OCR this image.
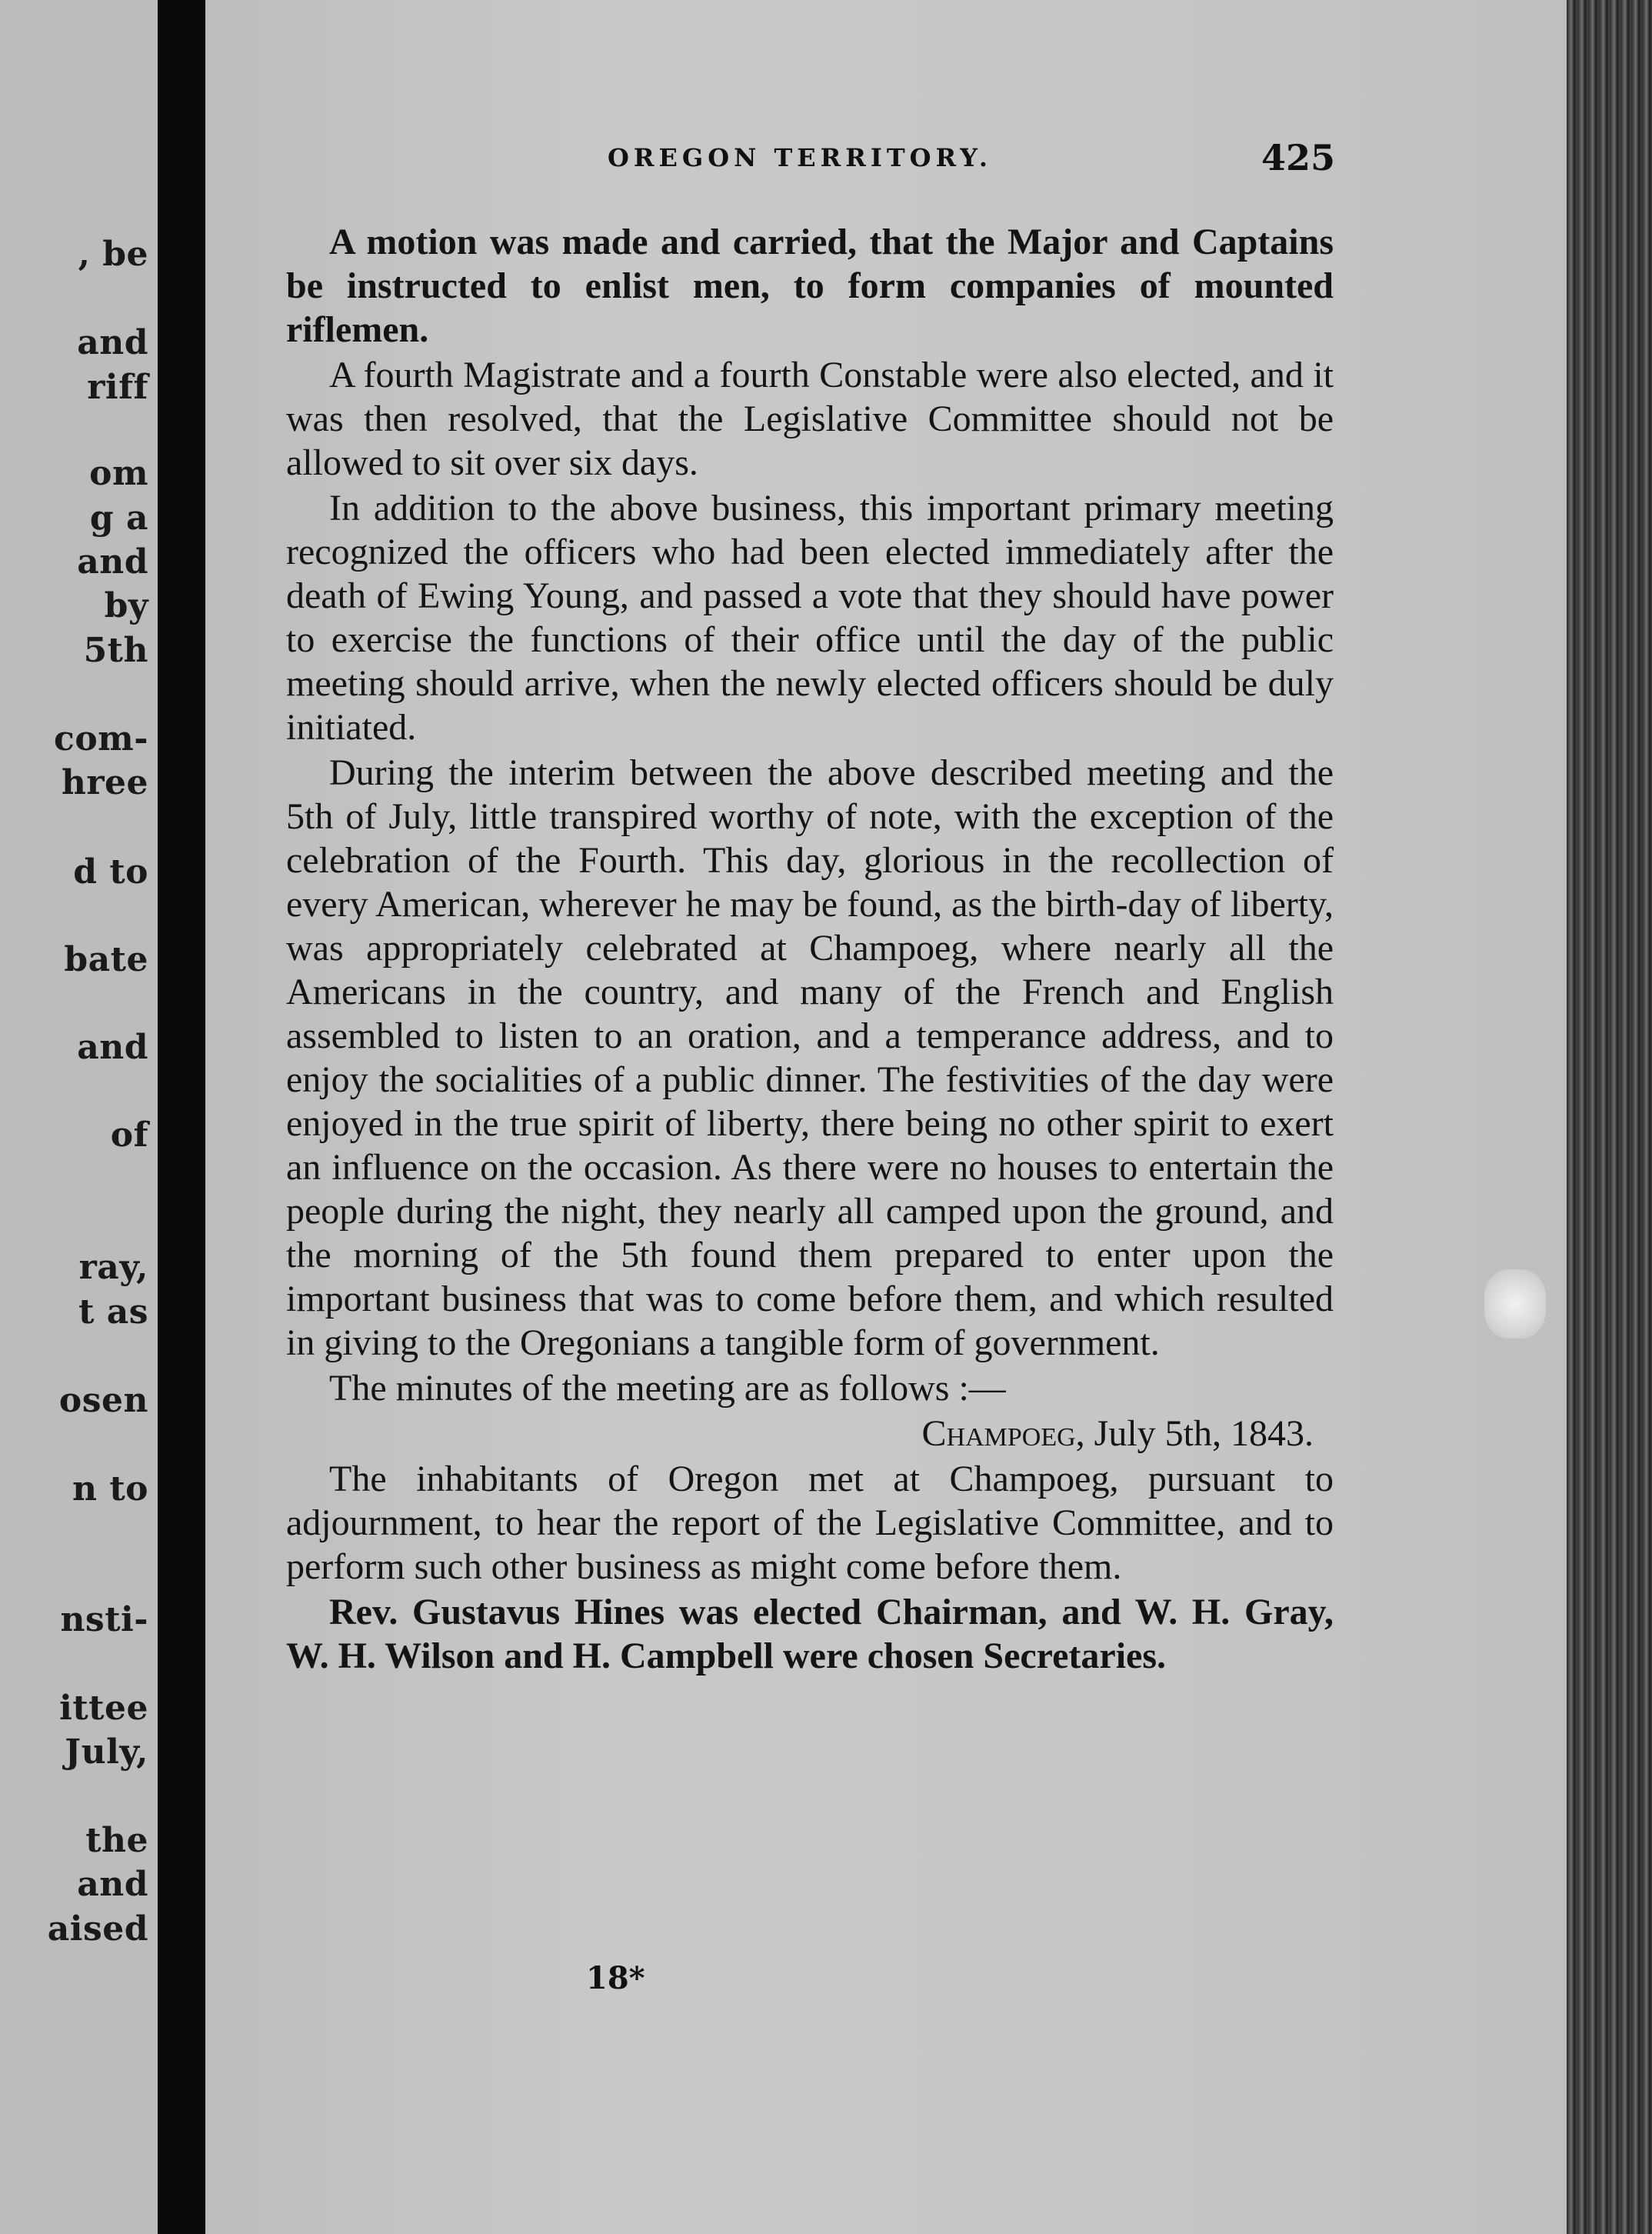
, be
and
riff
om
g a
and
by
5th
com-
hree
d to
bate
and
of
ray,
t as
osen
n to
nsti-
ittee
July,
the
and
aised
OREGON TERRITORY.	425

A motion was made and carried, that the Major and Captains be instructed to enlist men, to form companies of mounted riflemen.

A fourth Magistrate and a fourth Constable were also elected, and it was then resolved, that the Legislative Committee should not be allowed to sit over six days.

In addition to the above business, this important primary meeting recognized the officers who had been elected immediately after the death of Ewing Young, and passed a vote that they should have power to exercise the functions of their office until the day of the public meeting should arrive, when the newly elected officers should be duly initiated.

During the interim between the above described meeting and the 5th of July, little transpired worthy of note, with the exception of the celebration of the Fourth. This day, glorious in the recollection of every American, wherever he may be found, as the birth-day of liberty, was appropriately celebrated at Champoeg, where nearly all the Americans in the country, and many of the French and English assembled to listen to an oration, and a temperance address, and to enjoy the socialities of a public dinner. The festivities of the day were enjoyed in the true spirit of liberty, there being no other spirit to exert an influence on the occasion. As there were no houses to entertain the people during the night, they nearly all camped upon the ground, and the morning of the 5th found them prepared to enter upon the important business that was to come before them, and which resulted in giving to the Oregonians a tangible form of government.

The minutes of the meeting are as follows :—

Champoeg, July 5th, 1843.

The inhabitants of Oregon met at Champoeg, pursuant to adjournment, to hear the report of the Legislative Committee, and to perform such other business as might come before them.

Rev. Gustavus Hines was elected Chairman, and W. H. Gray, W. H. Wilson and H. Campbell were chosen Secretaries.

18*
